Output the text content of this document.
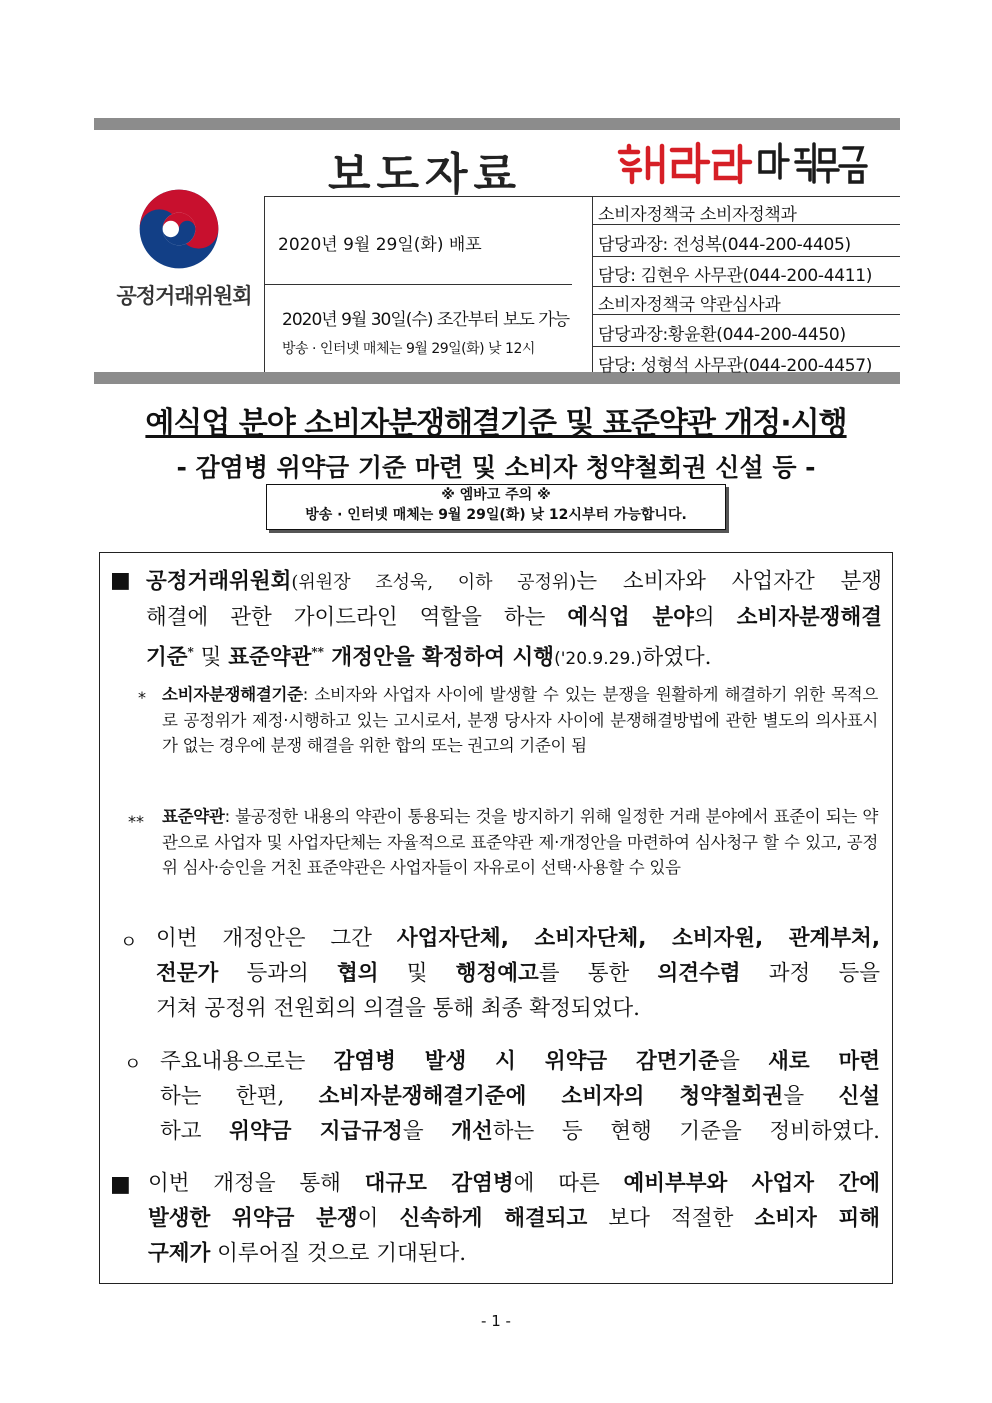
공정거래위원회
보도자료
2020년 9월 29일(화) 배포
2020년 9월 30일(수) 조간부터 보도 가능
방송 · 인터넷 매체는 9월 29일(화) 낮 12시
소비자정책국 소비자정책과
담당과장: 전성복(044-200-4405)
담당: 김현우 사무관(044-200-4411)
소비자정책국 약관심사과
담당과장:황윤환(044-200-4450)
담당: 성형석 사무관(044-200-4457)
예식업 분야 소비자분쟁해결기준 및 표준약관 개정·시행
- 감염병 위약금 기준 마련 및 소비자 청약철회권 신설 등 -
※ 엠바고 주의 ※
방송 · 인터넷 매체는 9월 29일(화) 낮 12시부터 가능합니다.
■ 공정거래위원회(위원장 조성욱, 이하 공정위)는 소비자와 사업자간 분쟁
해결에 관한 가이드라인 역할을 하는 예식업 분야의 소비자분쟁해결
기준* 및 표준약관** 개정안을 확정하여 시행('20.9.29.)하였다.
* 소비자분쟁해결기준: 소비자와 사업자 사이에 발생할 수 있는 분쟁을 원활하게 해결하기 위한 목적으로 공정위가 제정·시행하고 있는 고시로서, 분쟁 당사자 사이에 분쟁해결방법에 관한 별도의 의사표시가 없는 경우에 분쟁 해결을 위한 합의 또는 권고의 기준이 됨
** 표준약관: 불공정한 내용의 약관이 통용되는 것을 방지하기 위해 일정한 거래 분야에서 표준이 되는 약관으로 사업자 및 사업자단체는 자율적으로 표준약관 제·개정안을 마련하여 심사청구 할 수 있고, 공정위 심사·승인을 거친 표준약관은 사업자들이 자유로이 선택·사용할 수 있음
ㅇ 이번 개정안은 그간 사업자단체, 소비자단체, 소비자원, 관계부처,
전문가 등과의 협의 및 행정예고를 통한 의견수렴 과정 등을
거쳐 공정위 전원회의 의결을 통해 최종 확정되었다.
ㅇ 주요내용으로는 감염병 발생 시 위약금 감면기준을 새로 마련
하는 한편, 소비자분쟁해결기준에 소비자의 청약철회권을 신설
하고 위약금 지급규정을 개선하는 등 현행 기준을 정비하였다.
■ 이번 개정을 통해 대규모 감염병에 따른 예비부부와 사업자 간에
발생한 위약금 분쟁이 신속하게 해결되고 보다 적절한 소비자 피해
구제가 이루어질 것으로 기대된다.
- 1 -
